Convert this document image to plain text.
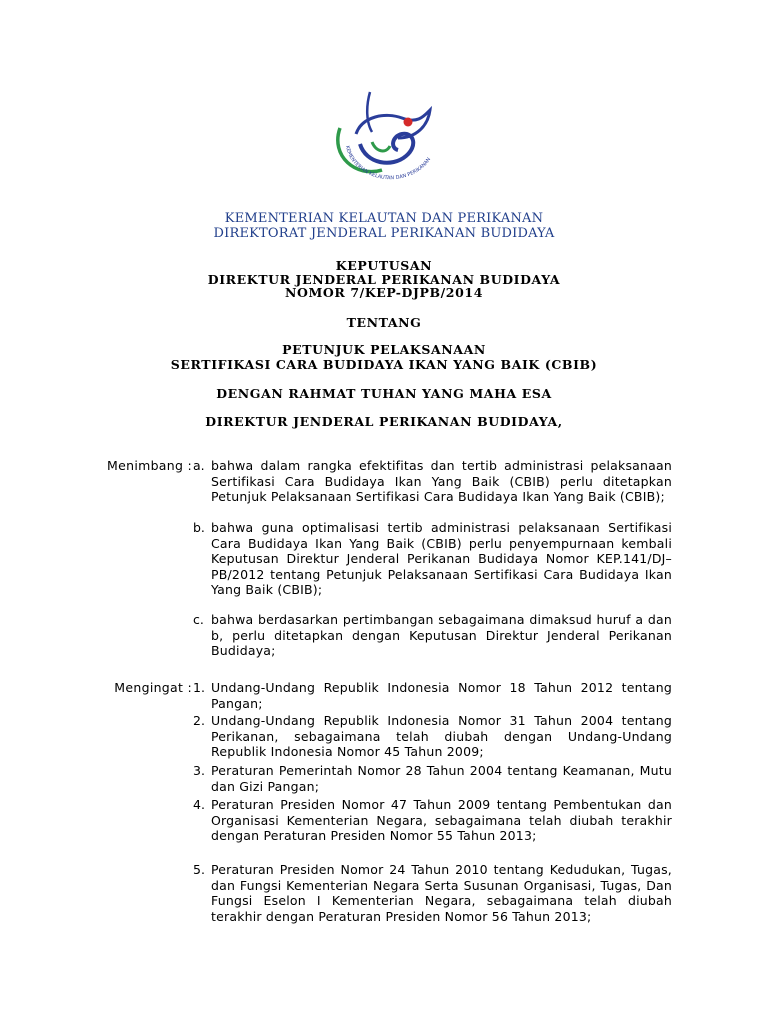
KEMENTERIAN KELAUTAN DAN PERIKANAN
KEMENTERIAN KELAUTAN DAN PERIKANAN
DIREKTORAT JENDERAL PERIKANAN BUDIDAYA
KEPUTUSAN
DIREKTUR JENDERAL PERIKANAN BUDIDAYA
NOMOR 7/KEP-DJPB/2014
TENTANG
PETUNJUK PELAKSANAAN
SERTIFIKASI CARA BUDIDAYA IKAN YANG BAIK (CBIB)
DENGAN RAHMAT TUHAN YANG MAHA ESA
DIREKTUR JENDERAL PERIKANAN BUDIDAYA,
Menimbang : a. bahwa dalam rangka efektifitas dan tertib administrasi pelaksanaan Sertifikasi Cara Budidaya Ikan Yang Baik (CBIB) perlu ditetapkan Petunjuk Pelaksanaan Sertifikasi Cara Budidaya Ikan Yang Baik (CBIB);
b. bahwa guna optimalisasi tertib administrasi pelaksanaan Sertifikasi Cara Budidaya Ikan Yang Baik (CBIB) perlu penyempurnaan kembali Keputusan Direktur Jenderal Perikanan Budidaya Nomor KEP.141/DJ–PB/2012 tentang Petunjuk Pelaksanaan Sertifikasi Cara Budidaya Ikan Yang Baik (CBIB);
c. bahwa berdasarkan pertimbangan sebagaimana dimaksud huruf a dan b, perlu ditetapkan dengan Keputusan Direktur Jenderal Perikanan Budidaya;
Mengingat : 1. Undang-Undang Republik Indonesia Nomor 18 Tahun 2012 tentang Pangan;
2. Undang-Undang Republik Indonesia Nomor 31 Tahun 2004 tentang Perikanan, sebagaimana telah diubah dengan Undang-Undang Republik Indonesia Nomor 45 Tahun 2009;
3. Peraturan Pemerintah Nomor 28 Tahun 2004 tentang Keamanan, Mutu dan Gizi Pangan;
4. Peraturan Presiden Nomor 47 Tahun 2009 tentang Pembentukan dan Organisasi Kementerian Negara, sebagaimana telah diubah terakhir dengan Peraturan Presiden Nomor 55 Tahun 2013;
5. Peraturan Presiden Nomor 24 Tahun 2010 tentang Kedudukan, Tugas, dan Fungsi Kementerian Negara Serta Susunan Organisasi, Tugas, Dan Fungsi Eselon I Kementerian Negara, sebagaimana telah diubah terakhir dengan Peraturan Presiden Nomor 56 Tahun 2013;
